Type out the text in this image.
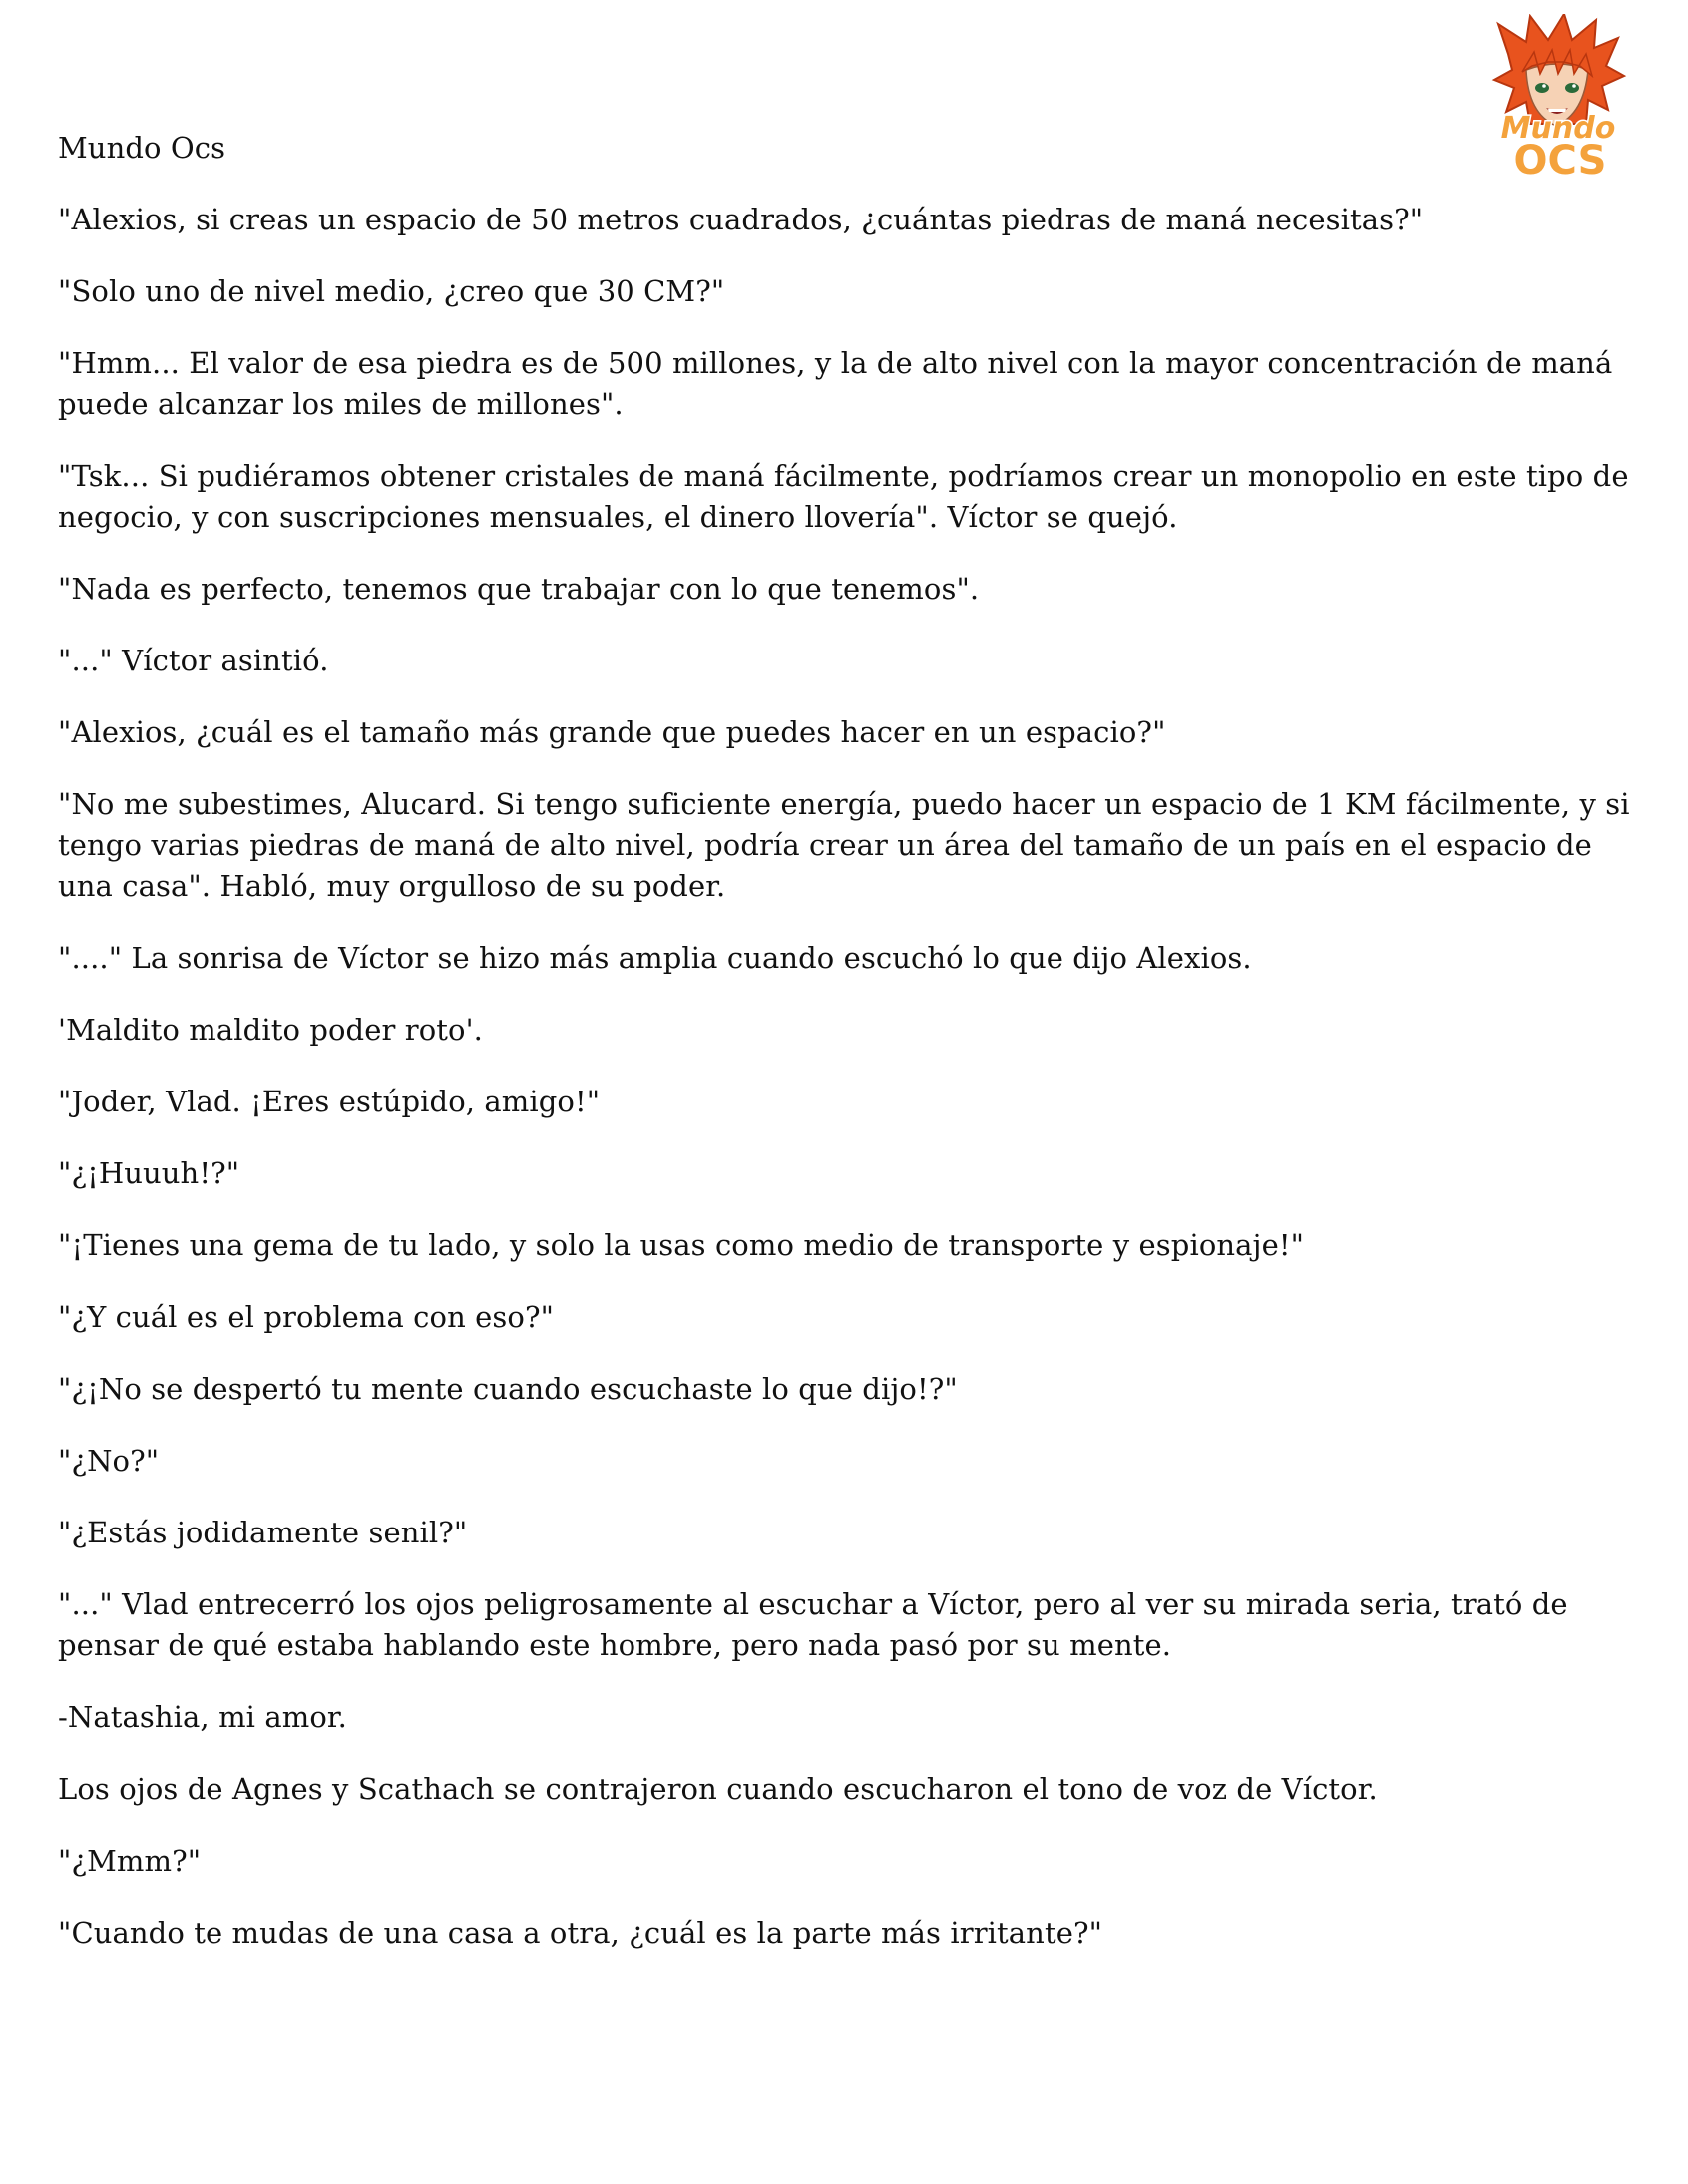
Mundo
OCS

Mundo Ocs

"Alexios, si creas un espacio de 50 metros cuadrados, ¿cuántas piedras de maná necesitas?"

"Solo uno de nivel medio, ¿creo que 30 CM?"

"Hmm... El valor de esa piedra es de 500 millones, y la de alto nivel con la mayor concentración de maná puede alcanzar los miles de millones".

"Tsk... Si pudiéramos obtener cristales de maná fácilmente, podríamos crear un monopolio en este tipo de negocio, y con suscripciones mensuales, el dinero llovería". Víctor se quejó.

"Nada es perfecto, tenemos que trabajar con lo que tenemos".

"..." Víctor asintió.

"Alexios, ¿cuál es el tamaño más grande que puedes hacer en un espacio?"

"No me subestimes, Alucard. Si tengo suficiente energía, puedo hacer un espacio de 1 KM fácilmente, y si tengo varias piedras de maná de alto nivel, podría crear un área del tamaño de un país en el espacio de una casa". Habló, muy orgulloso de su poder.

"...." La sonrisa de Víctor se hizo más amplia cuando escuchó lo que dijo Alexios.

'Maldito maldito poder roto'.

"Joder, Vlad. ¡Eres estúpido, amigo!"

"¿¡Huuuh!?"

"¡Tienes una gema de tu lado, y solo la usas como medio de transporte y espionaje!"

"¿Y cuál es el problema con eso?"

"¿¡No se despertó tu mente cuando escuchaste lo que dijo!?"

"¿No?"

"¿Estás jodidamente senil?"

"..." Vlad entrecerró los ojos peligrosamente al escuchar a Víctor, pero al ver su mirada seria, trató de pensar de qué estaba hablando este hombre, pero nada pasó por su mente.

-Natashia, mi amor.

Los ojos de Agnes y Scathach se contrajeron cuando escucharon el tono de voz de Víctor.

"¿Mmm?"

"Cuando te mudas de una casa a otra, ¿cuál es la parte más irritante?"
